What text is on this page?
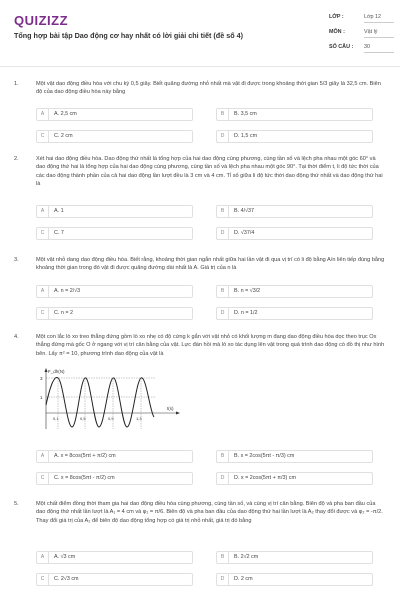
QUIZIZZ
Tổng hợp bài tập Dao động cơ hay nhất có lời giải chi tiết (đề số 4)
LỚP :	Lớp 12
MÔN :	Vật lý
SỐ CÂU : 30
1.	Một vật dao động điều hòa với chu kỳ 0,5 giây. Biết quãng đường nhỏ nhất mà vật đi được trong khoảng thời gian 5/3 giây là 32,5 cm. Biên độ của dao động điều hòa này bằng
A	A. 2,5 cm	B	B. 3,5 cm
C	C. 2 cm	D	D. 1,5 cm
2.	Xét hai dao động điều hòa. Dao động thứ nhất là tổng hợp của hai dao động cùng phương, cùng tần số và lệch pha nhau một góc 60° và dao động thứ hai là tổng hợp của hai dao động cùng phương, cùng tần số và lệch pha nhau một góc 90°. Tại thời điểm t, li độ tức thời của các dao động thành phần của cả hai dao động lần lượt đều là 3 cm và 4 cm. Tỉ số giữa li độ tức thời dao động thứ nhất và dao động thứ hai là
A	A. 1	B	B. 4/√37
C	C. 7	D	D. √37/4
3.	Một vật nhỏ dang dao động điều hòa. Biết rằng, khoảng thời gian ngắn nhất giữa hai lần vật đi qua vị trí có li độ bằng A/n liên tiếp đúng bằng khoảng thời gian trong đó vật đi được quãng đường dài nhất là A. Giá trị của n là
A	A. n = 2/√3	B	B. n = √3/2
C	C. n = 2	D	D. n = 1/2
4.	Một con lắc lò xo treo thẳng đứng gồm lò xo nhẹ có độ cứng k gắn với vật nhỏ có khối lượng m đang dao động điều hòa dọc theo trục Ox thẳng đứng mà gốc O ở ngang với vị trí cân bằng của vật. Lực đàn hồi mà lò xo tác dụng lên vật trong quá trình dao động có đồ thị như hình bên. Lấy π² = 10, phương trình dao động của vật là
F_dh(N)
t(s)
3
1
0,1	0,5	0,9	1,3
A	A. x = 8cos(5πt + π/2) cm	B	B. x = 2cos(5πt - π/3) cm
C	C. x = 8cos(5πt - π/2) cm	D	D. x = 2cos(5πt + π/3) cm
5.	Một chất điểm đồng thời tham gia hai dao động điều hòa cùng phương, cùng tần số, và cùng vị trí cân bằng. Biên độ và pha ban đầu của dao động thứ nhất lần lượt là A₁ = 4 cm và φ₁ = π/6. Biên độ và pha ban đầu của dao động thứ hai lần lượt là A₂ thay đổi được và φ₂ = -π/2. Thay đổi giá trị của A₂ để biên độ dao động tổng hợp có giá trị nhỏ nhất, giá trị đó bằng
A	A. √3 cm	B	B. 2√2 cm
C	C. 2√3 cm	D	D. 2 cm
